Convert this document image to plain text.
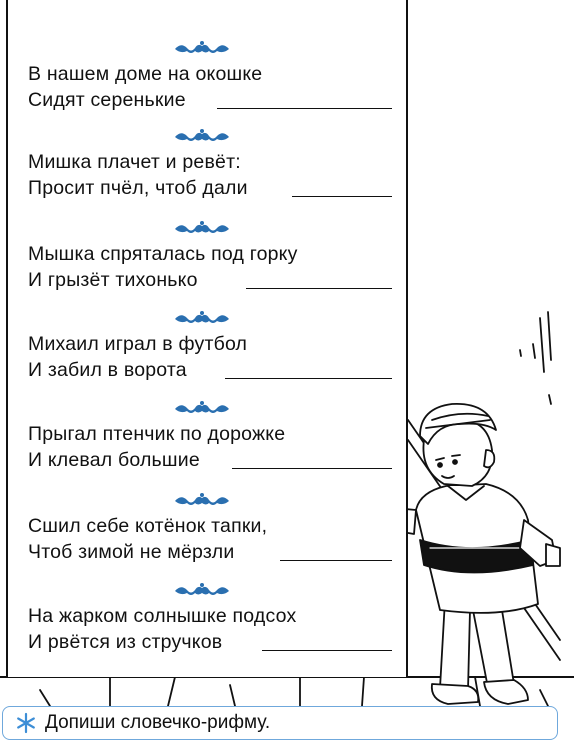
В нашем доме на окошке
Сидят серенькие
Мишка плачет и ревёт:
Просит пчёл, чтоб дали
Мышка спряталась под горку
И грызёт тихонько
Михаил играл в футбол
И забил в ворота
Прыгал птенчик по дорожке
И клевал большие
Сшил себе котёнок тапки,
Чтоб зимой не мёрзли
На жарком солнышке подсох
И рвётся из стручков
Допиши словечко-рифму.
